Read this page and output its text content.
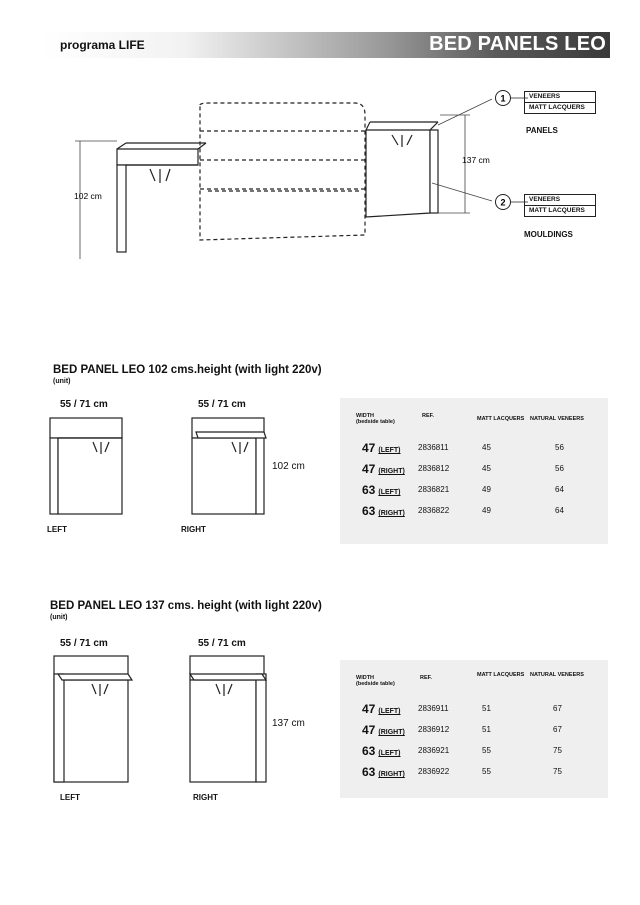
programa LIFE	BED PANELS LEO
102 cm
137 cm
1
2
VENEERS
MATT LACQUERS
PANELS
VENEERS
MATT LACQUERS
MOULDINGS
BED PANEL LEO 102 cms.height (with light 220v)
(unit)
55 / 71 cm	55 / 71 cm
102 cm
LEFT	RIGHT
WIDTH
(bedside table)
REF.	MATT LACQUERS NATURAL VENEERS
47 (LEFT) 2836811	45	56
47 (RIGHT) 2836812	45	56
63 (LEFT) 2836821	49	64
63 (RIGHT) 2836822	49	64
BED PANEL LEO 137 cms. height (with light 220v)
(unit)
55 / 71 cm	55 / 71 cm
137 cm
LEFT	RIGHT
WIDTH
(bedside table)
REF.	MATT LACQUERS NATURAL VENEERS
47 (LEFT) 2836911	51	67
47 (RIGHT) 2836912	51	67
63 (LEFT) 2836921	55	75
63 (RIGHT) 2836922	55	75
